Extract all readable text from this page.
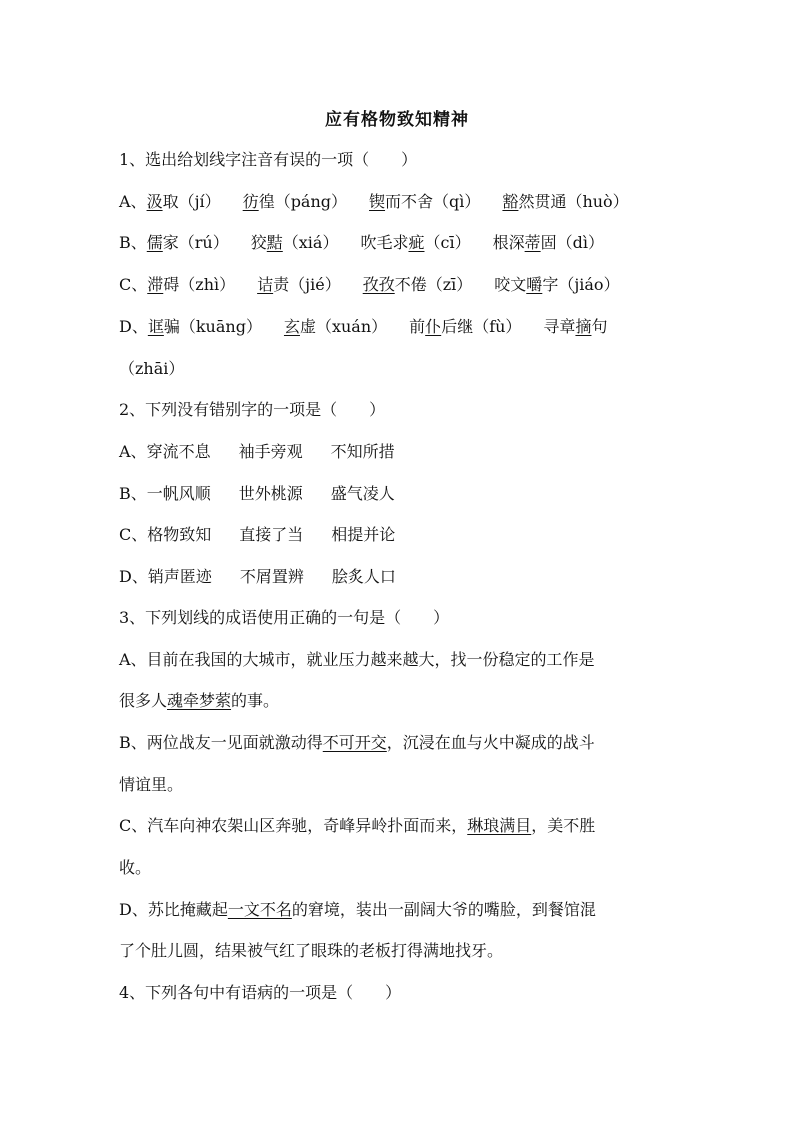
应有格物致知精神
1、选出给划线字注音有误的一项（　　）
A、汲取（jí） 彷徨（páng） 锲而不舍（qì） 豁然贯通（huò）
B、儒家（rú） 狡黠（xiá） 吹毛求疵（cī） 根深蒂固（dì）
C、滞碍（zhì） 诘责（jié） 孜孜不倦（zī） 咬文嚼字（jiáo）
D、诓骗（kuāng） 玄虚（xuán） 前仆后继（fù） 寻章摘句
（zhāi）
2、下列没有错别字的一项是（　　）
A、穿流不息 袖手旁观 不知所措
B、一帆风顺 世外桃源 盛气凌人
C、格物致知 直接了当 相提并论
D、销声匿迹 不屑置辨 脍炙人口
3、下列划线的成语使用正确的一句是（　　）
A、目前在我国的大城市，就业压力越来越大，找一份稳定的工作是
很多人魂牵梦萦的事。
B、两位战友一见面就激动得不可开交，沉浸在血与火中凝成的战斗
情谊里。
C、汽车向神农架山区奔驰，奇峰异岭扑面而来，琳琅满目，美不胜
收。
D、苏比掩藏起一文不名的窘境，装出一副阔大爷的嘴脸，到餐馆混
了个肚儿圆，结果被气红了眼珠的老板打得满地找牙。
4、下列各句中有语病的一项是（　　）
